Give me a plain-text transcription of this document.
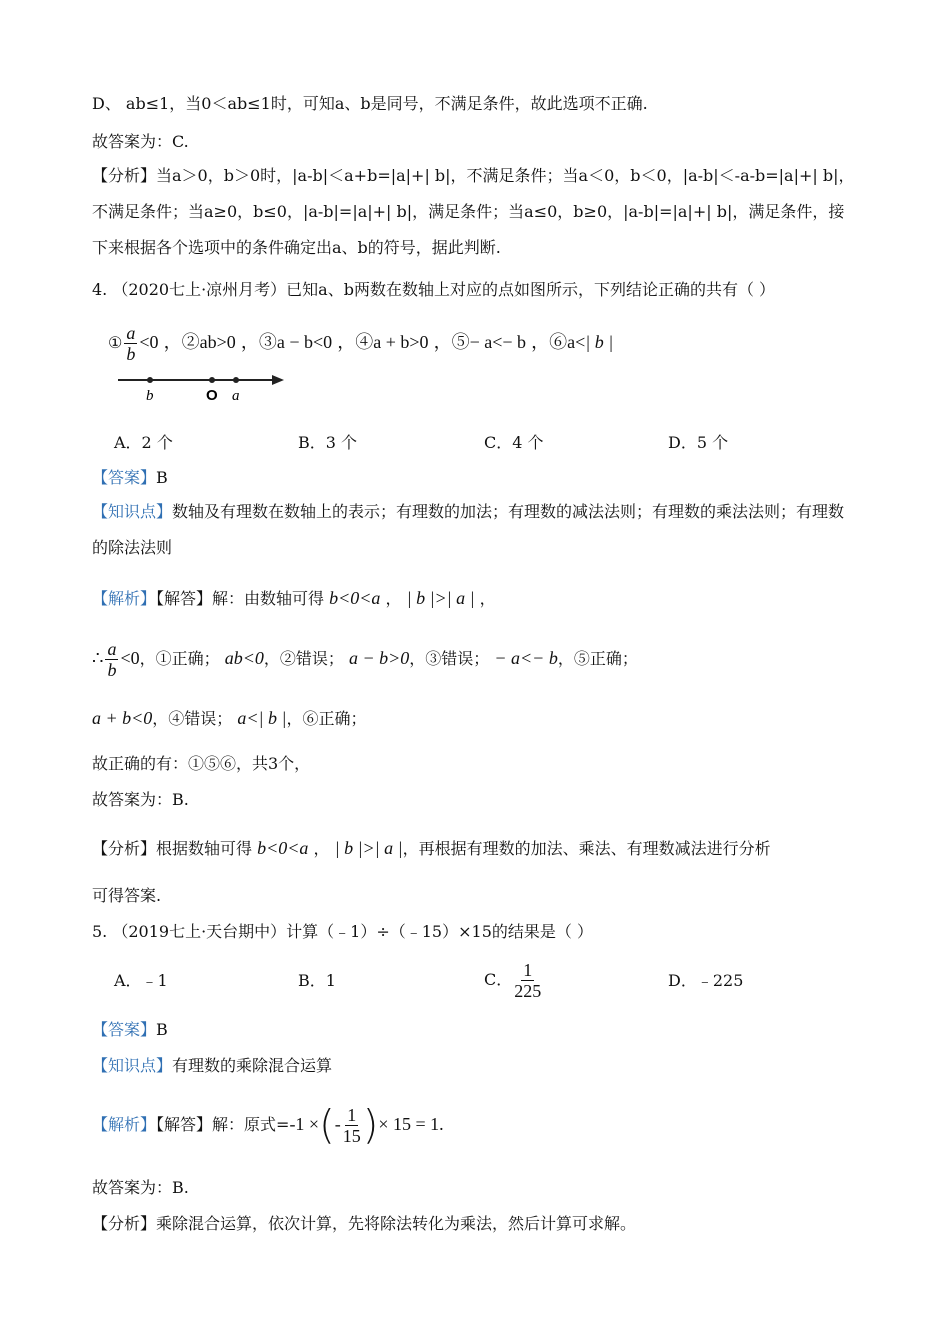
D、 ab≤1，当0＜ab≤1时，可知a、b是同号，不满足条件，故此选项不正确.
故答案为：C.
【分析】当a＞0，b＞0时，|a-b|＜a+b=|a|+| b|，不满足条件；当a＜0，b＜0，|a-b|＜-a-b=|a|+| b|，不满足条件；当a≥0，b≤0，|a-b|=|a|+| b|，满足条件；当a≤0，b≥0，|a-b|=|a|+| b|，满足条件，接下来根据各个选项中的条件确定出a、b的符号，据此判断.
4. （2020七上·凉州月考）已知a、b两数在数轴上对应的点如图所示，下列结论正确的共有（ ）
① $\frac{a}{b} <0$ ，②ab>0 ，③a − b<0 ，④a + b>0 ，⑤− a<− b ，⑥a<| b |
b	O a
A．2 个	B．3 个	C．4 个	D．5 个
【答案】B
【知识点】数轴及有理数在数轴上的表示；有理数的加法；有理数的减法法则；有理数的乘法法则；有理数的除法法则
【解析】【解答】解：由数轴可得 b<0<a ， | b |>| a | ，
∴ $\frac{a}{b} <0$，①正确； ab<0，②错误； a − b>0，③错误； − a<− b，⑤正确；
a + b<0，④错误； a<| b |，⑥正确；
故正确的有：①⑤⑥，共3个，
故答案为：B.
【分析】根据数轴可得 b<0<a ， | b |>| a |，再根据有理数的加法、乘法、有理数减法进行分析
可得答案.
5. （2019七上·天台期中）计算（﹣1）÷（﹣15）×15的结果是（ ）
A．﹣1	B．1	C． $\frac{1}{225}$	D．﹣225
【答案】B
【知识点】有理数的乘除混合运算
【解析】【解答】解：原式=-1 ×(- $\frac{1}{15}$ )× 15 = 1.
故答案为：B.
【分析】乘除混合运算，依次计算，先将除法转化为乘法，然后计算可求解。
